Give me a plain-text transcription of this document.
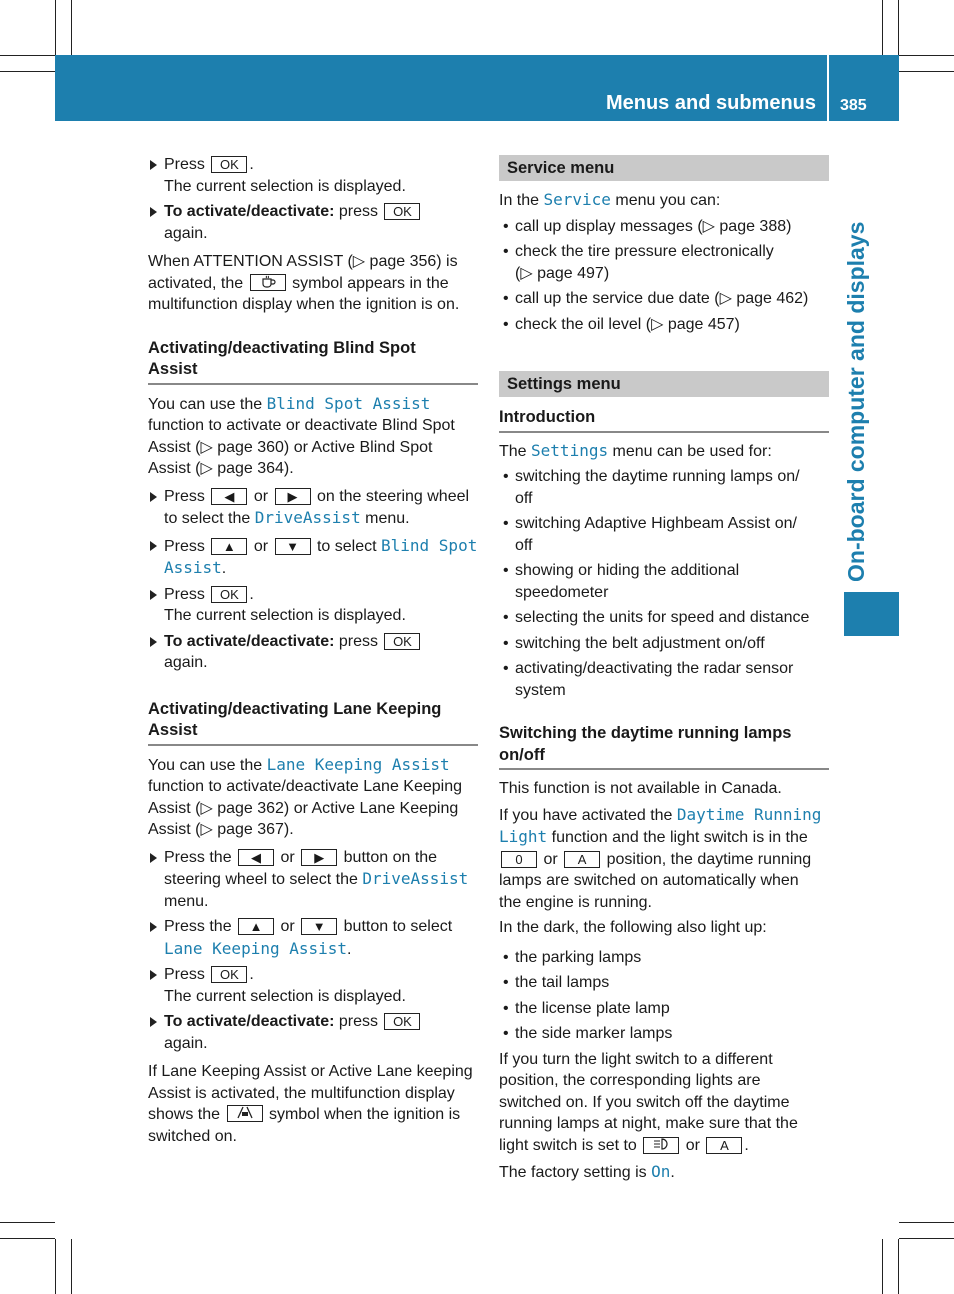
Menus and submenus 385
On-board computer and displays

Press OK .
The current selection is displayed.

To activate/deactivate: press OK
again.

When ATTENTION ASSIST (▷ page 356) is
activated, the	symbol appears in the
multifunction display when the ignition is on.

Activating/deactivating Blind Spot
Assist

You can use the Blind Spot Assist
function to activate or deactivate Blind Spot
Assist (▷ page 360) or Active Blind Spot
Assist (▷ page 364).

Press ◀ or ▶ on the steering wheel
to select the DriveAssist menu.

Press ▲ or ▼ to select Blind Spot
Assist.

Press OK .
The current selection is displayed.

To activate/deactivate: press OK
again.

Activating/deactivating Lane Keeping
Assist

You can use the Lane Keeping Assist
function to activate/deactivate Lane Keeping
Assist (▷ page 362) or Active Lane Keeping
Assist (▷ page 367).

Press the ◀ or ▶ button on the
steering wheel to select the DriveAssist
menu.

Press the ▲ or ▼ button to select
Lane Keeping Assist.

Press OK .
The current selection is displayed.

To activate/deactivate: press OK
again.

If Lane Keeping Assist or Active Lane keeping
Assist is activated, the multifunction display
shows the	symbol when the ignition is
switched on.

Service menu

In the Service menu you can:

• call up display messages (▷ page 388)

• check the tire pressure electronically
(▷ page 497)

• call up the service due date (▷ page 462)

• check the oil level (▷ page 457)

Settings menu

Introduction

The Settings menu can be used for:

• switching the daytime running lamps on/
off

• switching Adaptive Highbeam Assist on/
off

• showing or hiding the additional
speedometer

• selecting the units for speed and distance

• switching the belt adjustment on/off

• activating/deactivating the radar sensor
system

Switching the daytime running lamps
on/off

This function is not available in Canada.

If you have activated the Daytime Running
Light function and the light switch is in the
0 or A position, the daytime running
lamps are switched on automatically when
the engine is running.

In the dark, the following also light up:

• the parking lamps

• the tail lamps

• the license plate lamp

• the side marker lamps

If you turn the light switch to a different
position, the corresponding lights are
switched on. If you switch off the daytime
running lamps at night, make sure that the
light switch is set to	or A .

The factory setting is On.
